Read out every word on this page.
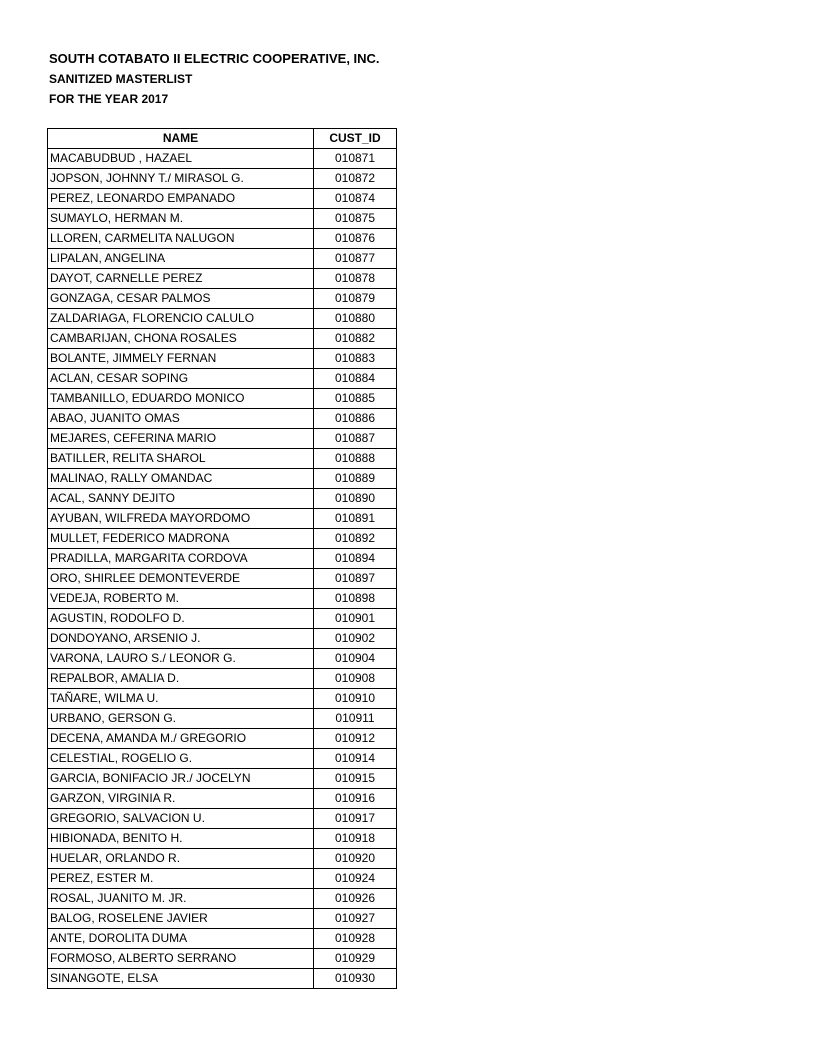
SOUTH COTABATO II ELECTRIC COOPERATIVE, INC.
SANITIZED MASTERLIST
FOR THE YEAR 2017
NAME	CUST_ID
MACABUDBUD , HAZAEL	010871
JOPSON, JOHNNY T./ MIRASOL G.	010872
PEREZ, LEONARDO EMPANADO	010874
SUMAYLO, HERMAN M.	010875
LLOREN, CARMELITA NALUGON	010876
LIPALAN, ANGELINA	010877
DAYOT, CARNELLE PEREZ	010878
GONZAGA, CESAR PALMOS	010879
ZALDARIAGA, FLORENCIO CALULO	010880
CAMBARIJAN, CHONA ROSALES	010882
BOLANTE, JIMMELY FERNAN	010883
ACLAN, CESAR SOPING	010884
TAMBANILLO, EDUARDO MONICO	010885
ABAO, JUANITO OMAS	010886
MEJARES, CEFERINA MARIO	010887
BATILLER, RELITA SHAROL	010888
MALINAO, RALLY OMANDAC	010889
ACAL, SANNY DEJITO	010890
AYUBAN, WILFREDA MAYORDOMO	010891
MULLET, FEDERICO MADRONA	010892
PRADILLA, MARGARITA CORDOVA	010894
ORO, SHIRLEE DEMONTEVERDE	010897
VEDEJA, ROBERTO M.	010898
AGUSTIN, RODOLFO D.	010901
DONDOYANO, ARSENIO J.	010902
VARONA, LAURO S./ LEONOR G.	010904
REPALBOR, AMALIA D.	010908
TAÑARE, WILMA U.	010910
URBANO, GERSON G.	010911
DECENA, AMANDA M./ GREGORIO	010912
CELESTIAL, ROGELIO G.	010914
GARCIA, BONIFACIO JR./ JOCELYN	010915
GARZON, VIRGINIA R.	010916
GREGORIO, SALVACION U.	010917
HIBIONADA, BENITO H.	010918
HUELAR, ORLANDO R.	010920
PEREZ, ESTER M.	010924
ROSAL, JUANITO M. JR.	010926
BALOG, ROSELENE JAVIER	010927
ANTE, DOROLITA DUMA	010928
FORMOSO, ALBERTO SERRANO	010929
SINANGOTE, ELSA	010930
